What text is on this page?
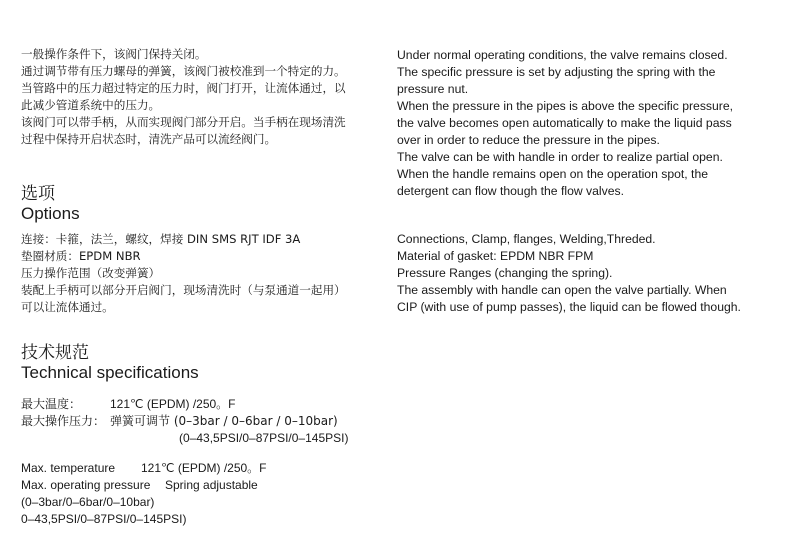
一般操作条件下，该阀门保持关闭。

通过调节带有压力螺母的弹簧，该阀门被校准到一个特定的力。

当管路中的压力超过特定的压力时，阀门打开，让流体通过，以

此减少管道系统中的压力。

该阀门可以带手柄，从而实现阀门部分开启。当手柄在现场清洗

过程中保持开启状态时，清洗产品可以流经阀门。

Under normal operating conditions, the valve remains closed.

The specific pressure is set by adjusting the spring with the

pressure nut.

When the pressure in the pipes is above the specific pressure,

the valve becomes open automatically to make the liquid pass

over in order to reduce the pressure in the pipes.

The valve can be with handle in order to realize partial open.

When the handle remains open on the operation spot, the

detergent can flow though the flow valves.

选项

Options

连接：卡箍，法兰，螺纹，焊接 DIN SMS RJT IDF 3A

垫圈材质：EPDM NBR

压力操作范围（改变弹簧）

装配上手柄可以部分开启阀门，现场清洗时（与泵通道一起用）

可以让流体通过。

Connections, Clamp, flanges, Welding,Threded.

Material of gasket: EPDM NBR FPM

Pressure Ranges (changing the spring).

The assembly with handle can open the valve partially. When

CIP (with use of pump passes), the liquid can be flowed though.

技术规范

Technical specifications

最大温度： 121℃ (EPDM) /250。F
最大操作压力： 弹簧可调节 (0–3bar / 0–6bar / 0–10bar)
(0–43,5PSI/0–87PSI/0–145PSI)
Max. temperature 121℃ (EPDM) /250。F
Max. operating pressure Spring adjustable
(0–3bar/0–6bar/0–10bar)
0–43,5PSI/0–87PSI/0–145PSI)
